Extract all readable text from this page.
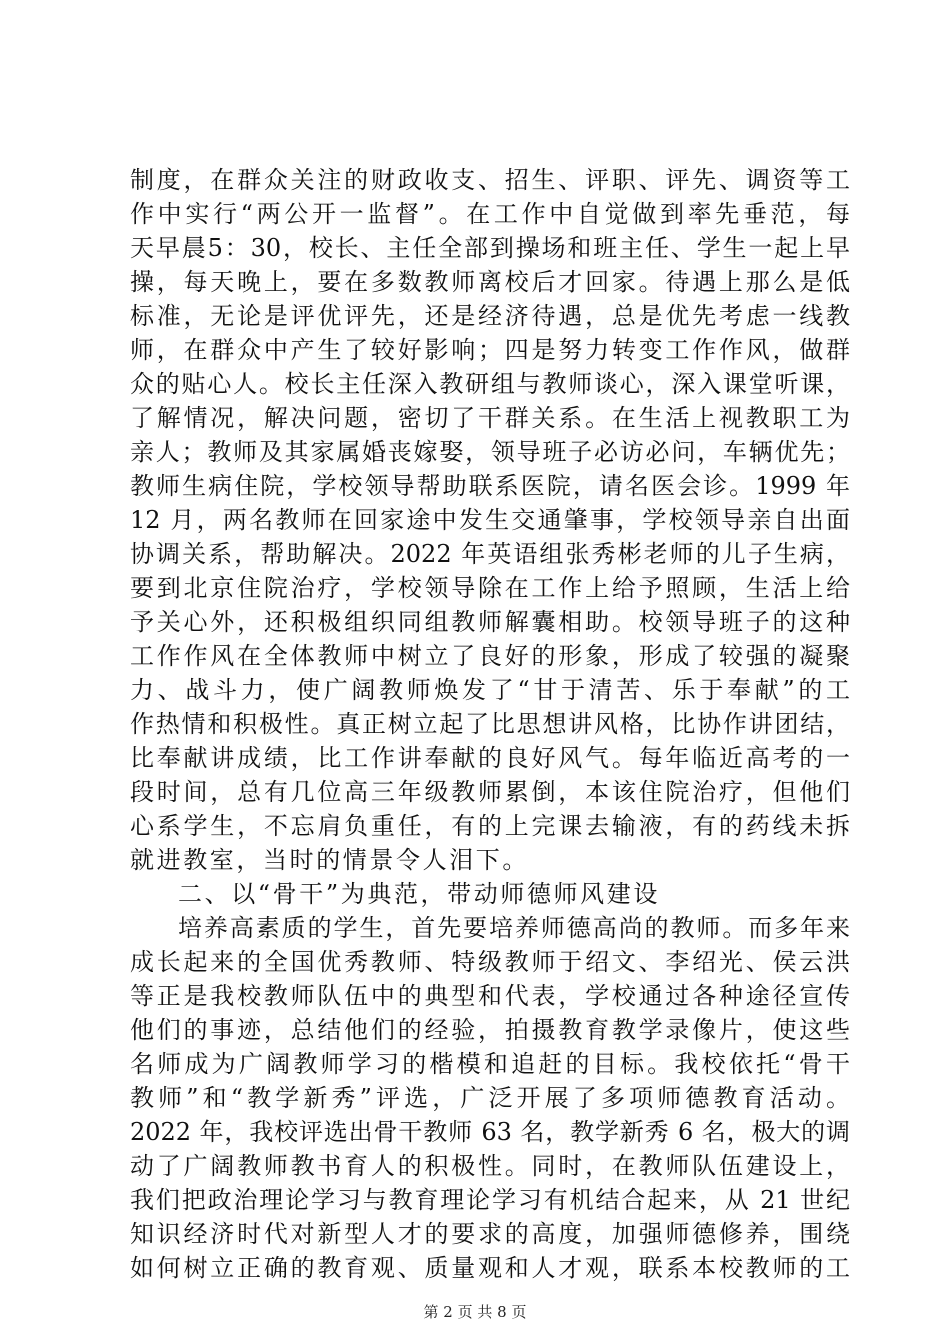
制度，在群众关注的财政收支、招生、评职、评先、调资等工
作中实行“两公开一监督”。在工作中自觉做到率先垂范，每
天早晨5：30，校长、主任全部到操场和班主任、学生一起上早
操，每天晚上，要在多数教师离校后才回家。待遇上那么是低
标准，无论是评优评先，还是经济待遇，总是优先考虑一线教
师，在群众中产生了较好影响；四是努力转变工作作风，做群
众的贴心人。校长主任深入教研组与教师谈心，深入课堂听课，
了解情况，解决问题，密切了干群关系。在生活上视教职工为
亲人；教师及其家属婚丧嫁娶，领导班子必访必问，车辆优先；
教师生病住院，学校领导帮助联系医院，请名医会诊。1999 年
12 月，两名教师在回家途中发生交通肇事，学校领导亲自出面
协调关系，帮助解决。2022 年英语组张秀彬老师的儿子生病，
要到北京住院治疗，学校领导除在工作上给予照顾，生活上给
予关心外，还积极组织同组教师解囊相助。校领导班子的这种
工作作风在全体教师中树立了良好的形象，形成了较强的凝聚
力、战斗力，使广阔教师焕发了“甘于清苦、乐于奉献”的工
作热情和积极性。真正树立起了比思想讲风格，比协作讲团结，
比奉献讲成绩，比工作讲奉献的良好风气。每年临近高考的一
段时间，总有几位高三年级教师累倒，本该住院治疗，但他们
心系学生，不忘肩负重任，有的上完课去输液，有的药线未拆
就进教室，当时的情景令人泪下。
二、以“骨干”为典范，带动师德师风建设
培养高素质的学生，首先要培养师德高尚的教师。而多年来
成长起来的全国优秀教师、特级教师于绍文、李绍光、侯云洪
等正是我校教师队伍中的典型和代表，学校通过各种途径宣传
他们的事迹，总结他们的经验，拍摄教育教学录像片，使这些
名师成为广阔教师学习的楷模和追赶的目标。我校依托“骨干
教师”和“教学新秀”评选，广泛开展了多项师德教育活动。
2022 年，我校评选出骨干教师 63 名，教学新秀 6 名，极大的调
动了广阔教师教书育人的积极性。同时，在教师队伍建设上，
我们把政治理论学习与教育理论学习有机结合起来，从 21 世纪
知识经济时代对新型人才的要求的高度，加强师德修养，围绕
如何树立正确的教育观、质量观和人才观，联系本校教师的工
第 2 页 共 8 页
